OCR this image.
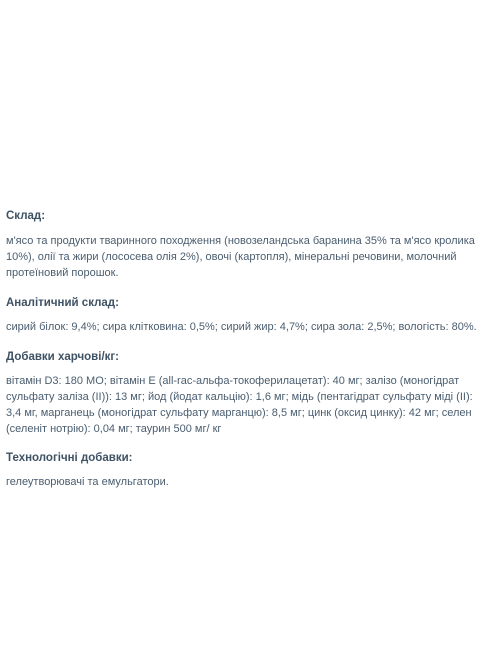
Склад:

м'ясо та продукти тваринного походження (новозеландська баранина 35% та м'ясо кролика 10%), олії та жири (лососева олія 2%), овочі (картопля), мінеральні речовини, молочний протеїновий порошок.

Аналітичний склад:

сирий білок: 9,4%; сира клітковина: 0,5%; сирий жир: 4,7%; сира зола: 2,5%; вологість: 80%.

Добавки харчові/кг:

вітамін D3: 180 МО; вітамін Е (all-rac-альфа-токоферилацетат): 40 мг; залізо (моногідрат сульфату заліза (II)): 13 мг; йод (йодат кальцію): 1,6 мг; мідь (пентагідрат сульфату міді (II): 3,4 мг, марганець (моногідрат сульфату марганцю): 8,5 мг; цинк (оксид цинку): 42 мг; селен (селеніт нотрію): 0,04 мг; таурин 500 мг/ кг

Технологічні добавки:

гелеутворювачі та емульгатори.
